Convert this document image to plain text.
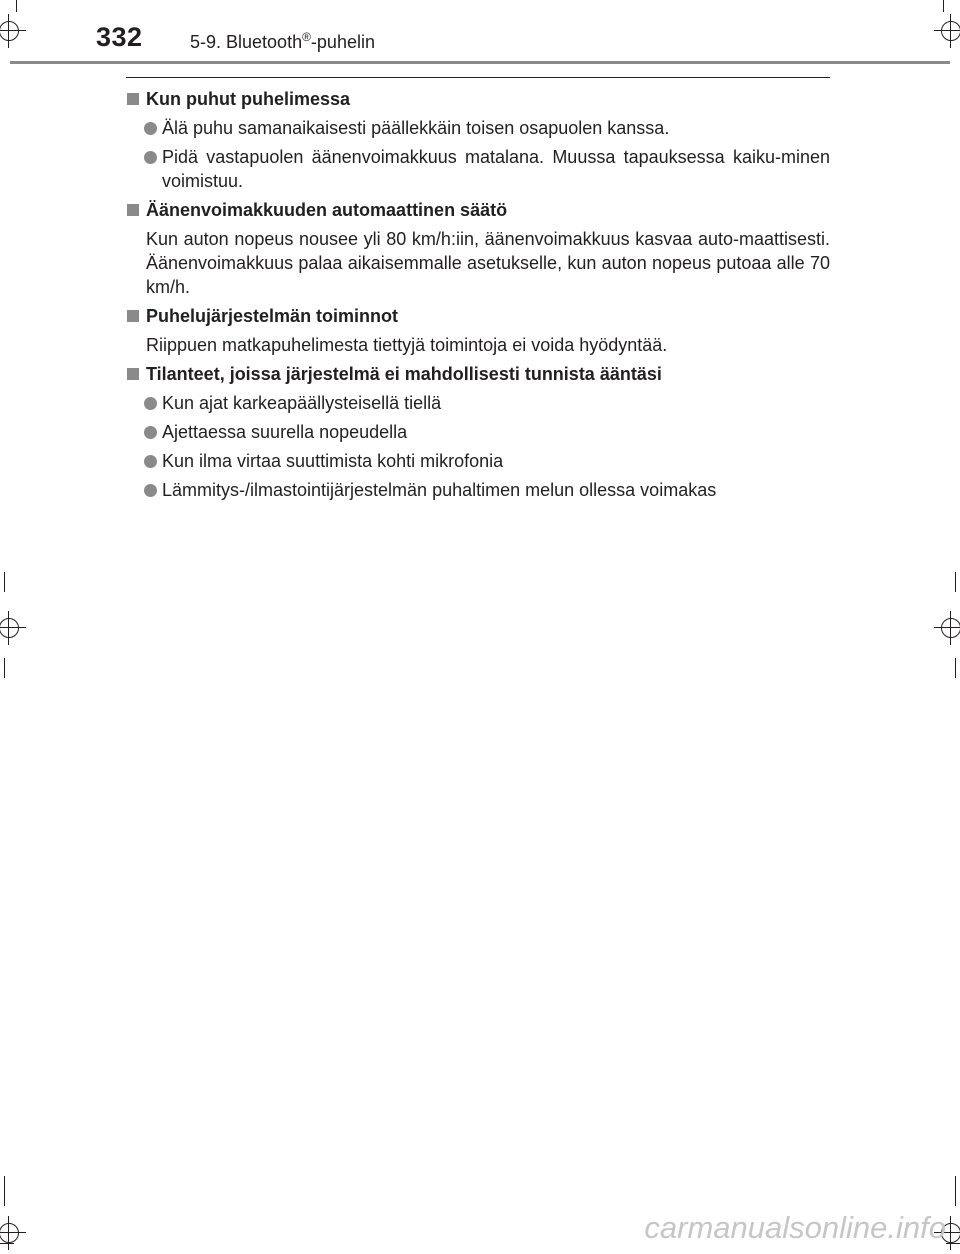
332	5-9. Bluetooth®-puhelin
Kun puhut puhelimessa
Älä puhu samanaikaisesti päällekkäin toisen osapuolen kanssa.
Pidä vastapuolen äänenvoimakkuus matalana. Muussa tapauksessa kaiku-minen voimistuu.
Äänenvoimakkuuden automaattinen säätö
Kun auton nopeus nousee yli 80 km/h:iin, äänenvoimakkuus kasvaa auto-maattisesti. Äänenvoimakkuus palaa aikaisemmalle asetukselle, kun auton nopeus putoaa alle 70 km/h.
Puhelujärjestelmän toiminnot
Riippuen matkapuhelimesta tiettyjä toimintoja ei voida hyödyntää.
Tilanteet, joissa järjestelmä ei mahdollisesti tunnista ääntäsi
Kun ajat karkeapäällysteisellä tiellä
Ajettaessa suurella nopeudella
Kun ilma virtaa suuttimista kohti mikrofonia
Lämmitys-/ilmastointijärjestelmän puhaltimen melun ollessa voimakas
carmanualsonline.info
